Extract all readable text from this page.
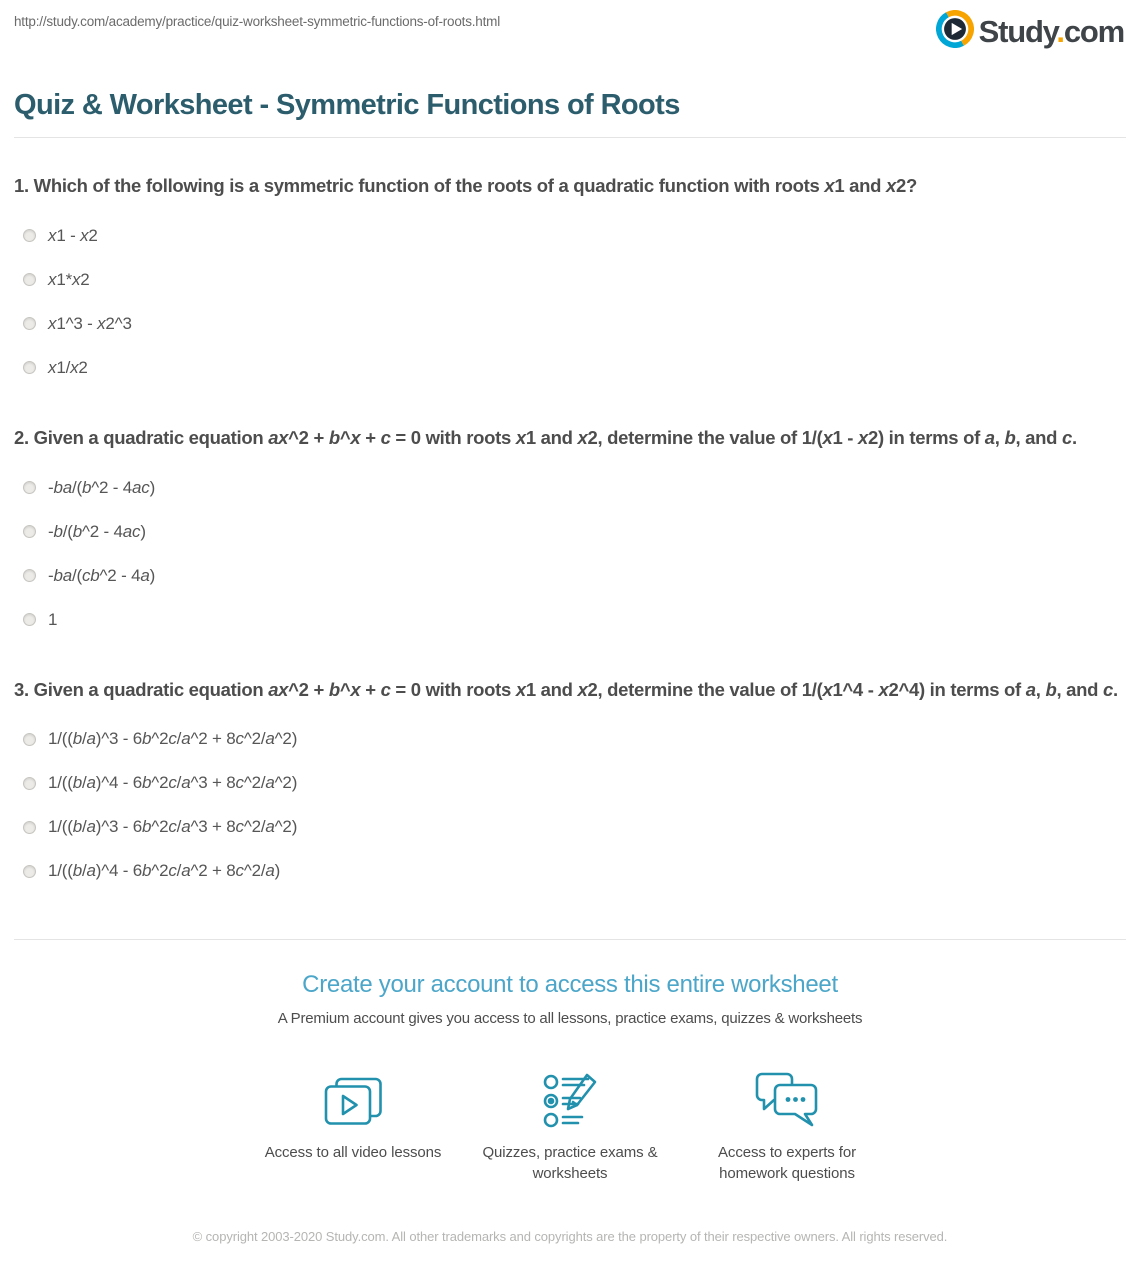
http://study.com/academy/practice/quiz-worksheet-symmetric-functions-of-roots.html	Study.com
Quiz & Worksheet - Symmetric Functions of Roots
1. Which of the following is a symmetric function of the roots of a quadratic function with roots x1 and x2?
x1 - x2
x1*x2
x1^3 - x2^3
x1/x2
2. Given a quadratic equation ax^2 + b^x + c = 0 with roots x1 and x2, determine the value of 1/(x1 - x2) in terms of a, b, and c.
-ba/(b^2 - 4ac)
-b/(b^2 - 4ac)
-ba/(cb^2 - 4a)
1
3. Given a quadratic equation ax^2 + b^x + c = 0 with roots x1 and x2, determine the value of 1/(x1^4 - x2^4) in terms of a, b, and c.
1/((b/a)^3 - 6b^2c/a^2 + 8c^2/a^2)
1/((b/a)^4 - 6b^2c/a^3 + 8c^2/a^2)
1/((b/a)^3 - 6b^2c/a^3 + 8c^2/a^2)
1/((b/a)^4 - 6b^2c/a^2 + 8c^2/a)
Create your account to access this entire worksheet
A Premium account gives you access to all lessons, practice exams, quizzes & worksheets
Access to all video lessons	Quizzes, practice exams & worksheets
Access to experts for homework questions
© copyright 2003-2020 Study.com. All other trademarks and copyrights are the property of their respective owners. All rights reserved.
